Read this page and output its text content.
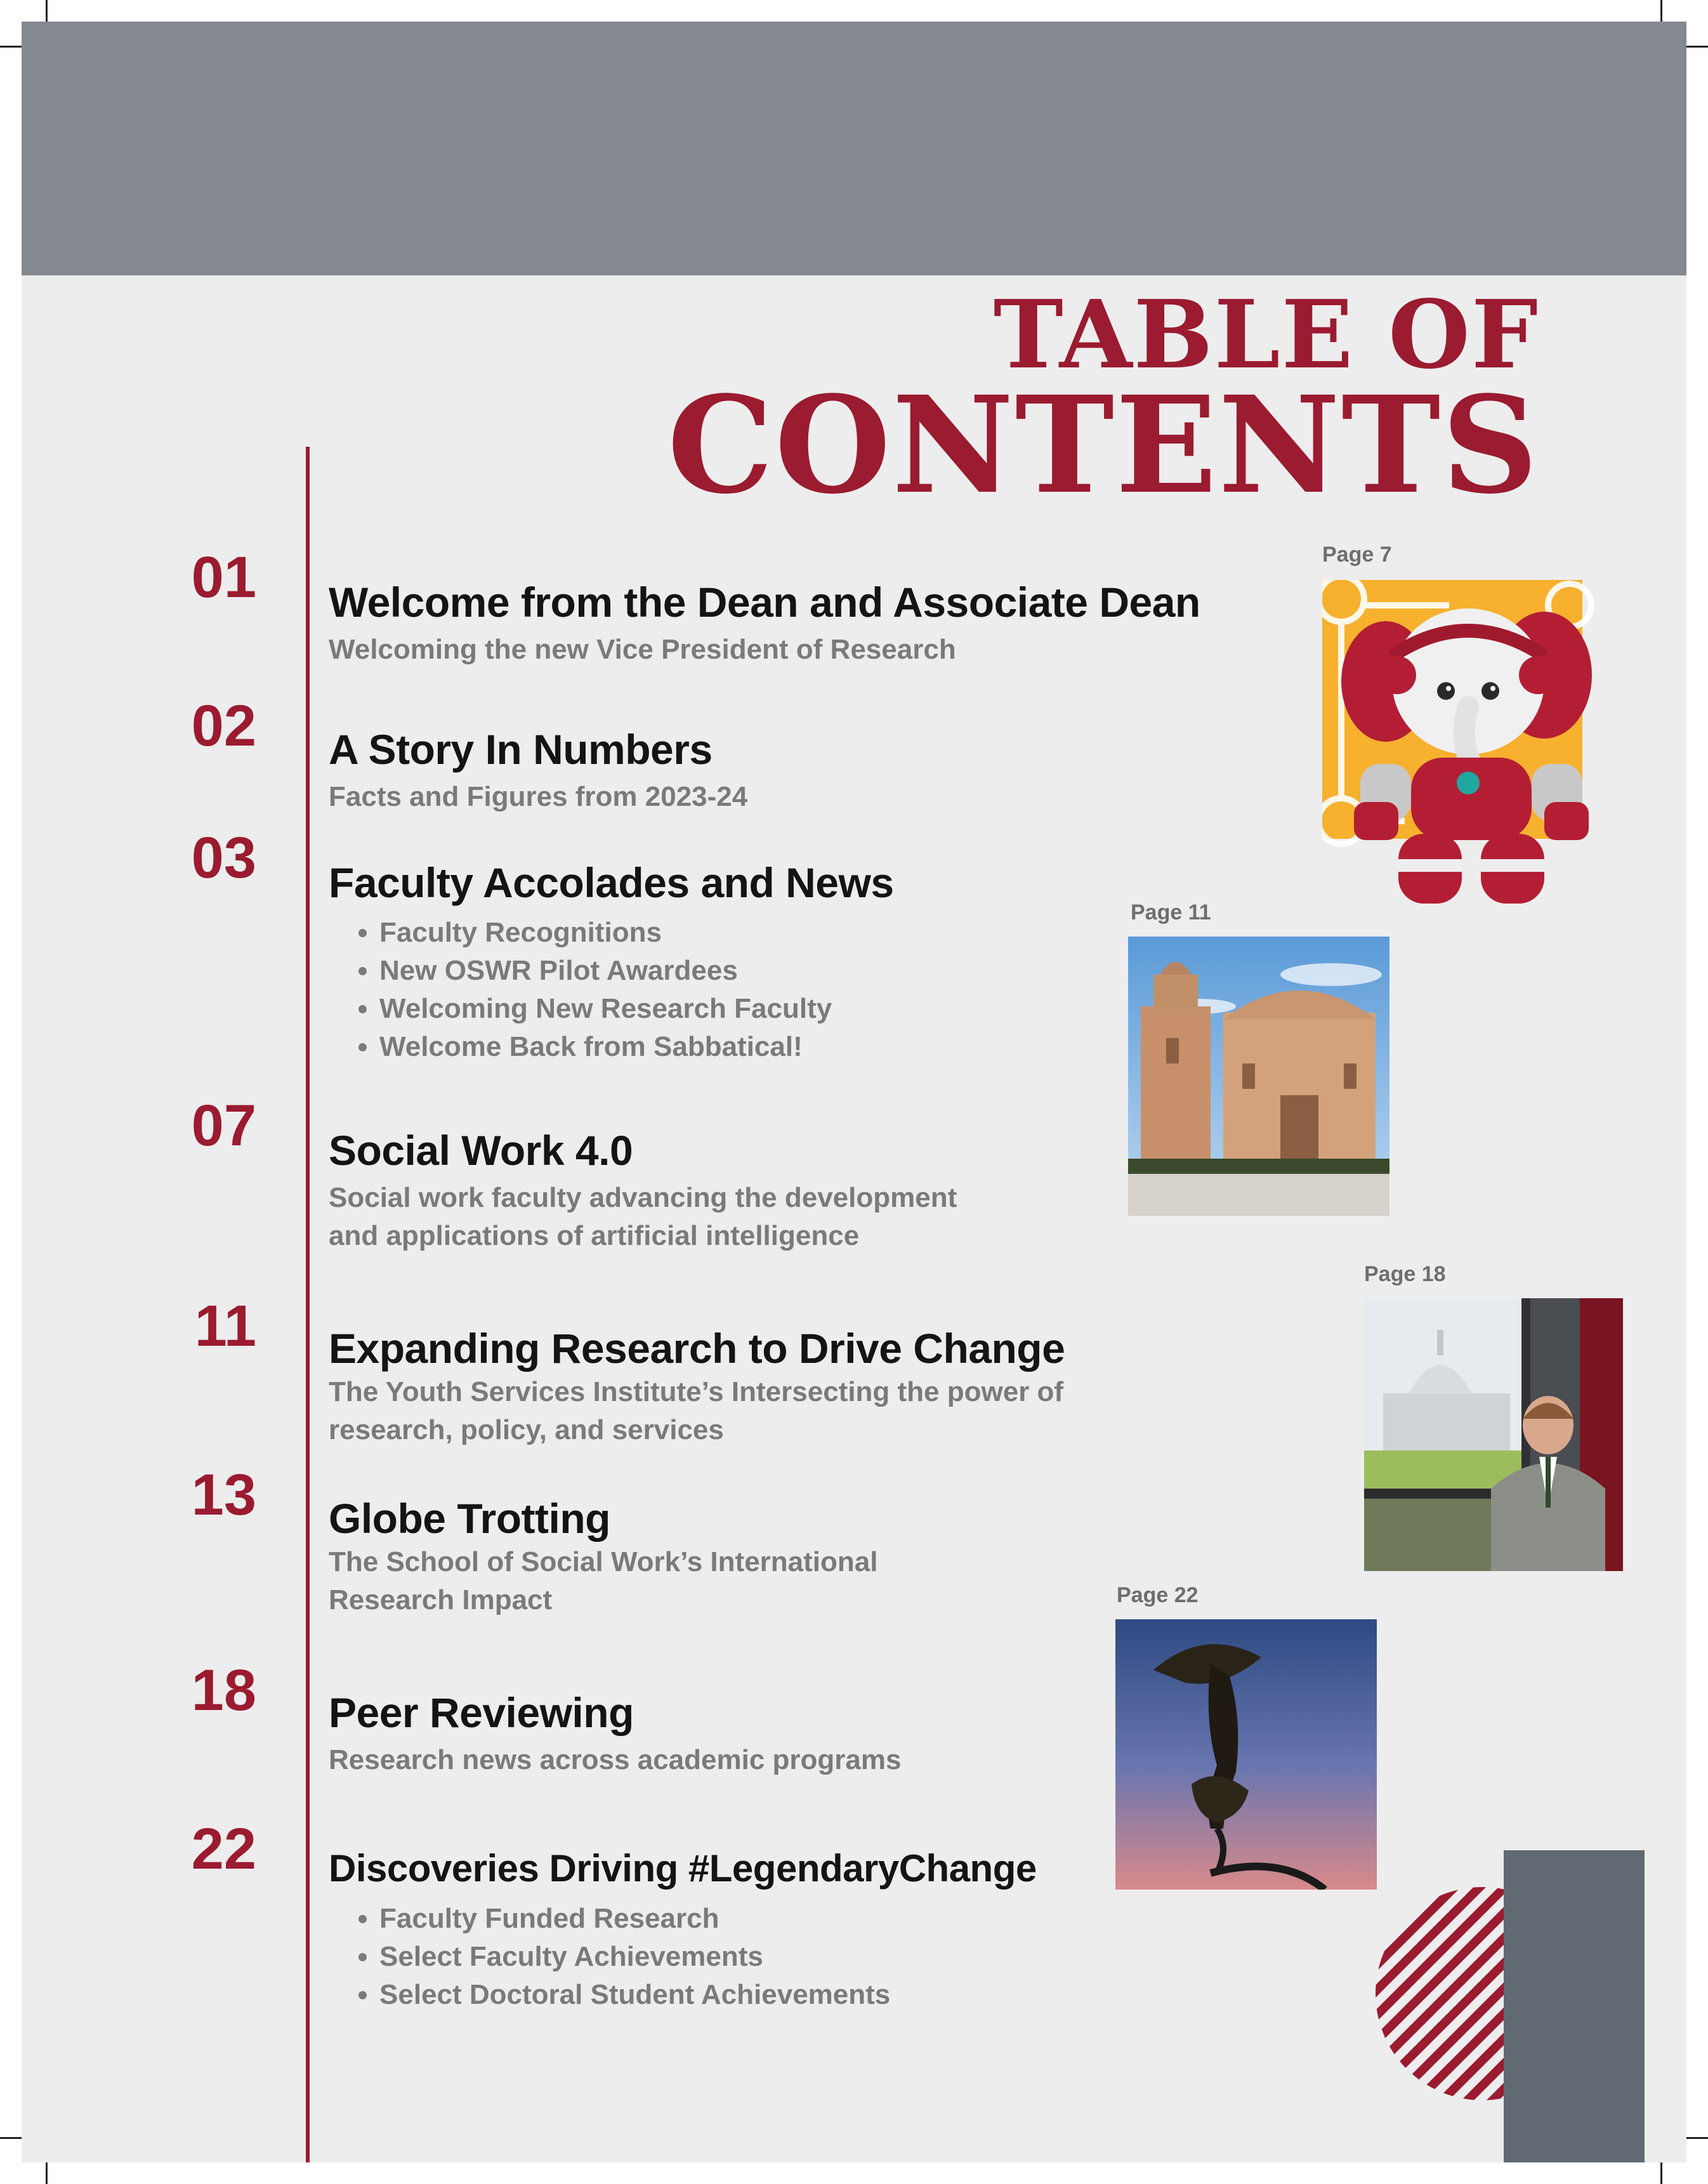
TABLE OF
CONTENTS
01 Welcome from the Dean and Associate Dean
Welcoming the new Vice President of Research
02 A Story In Numbers
Facts and Figures from 2023-24
03 Faculty Accolades and News
• Faculty Recognitions
• New OSWR Pilot Awardees
• Welcoming New Research Faculty
• Welcome Back from Sabbatical!
07 Social Work 4.0
Social work faculty advancing the development
and applications of artificial intelligence
11 Expanding Research to Drive Change
The Youth Services Institute’s Intersecting the power of
research, policy, and services
13 Globe Trotting
The School of Social Work’s International
Research Impact
18 Peer Reviewing
Research news across academic programs
22 Discoveries Driving #LegendaryChange
• Faculty Funded Research
• Select Faculty Achievements
• Select Doctoral Student Achievements
Page 7
Page 11
Page 18
Page 22
